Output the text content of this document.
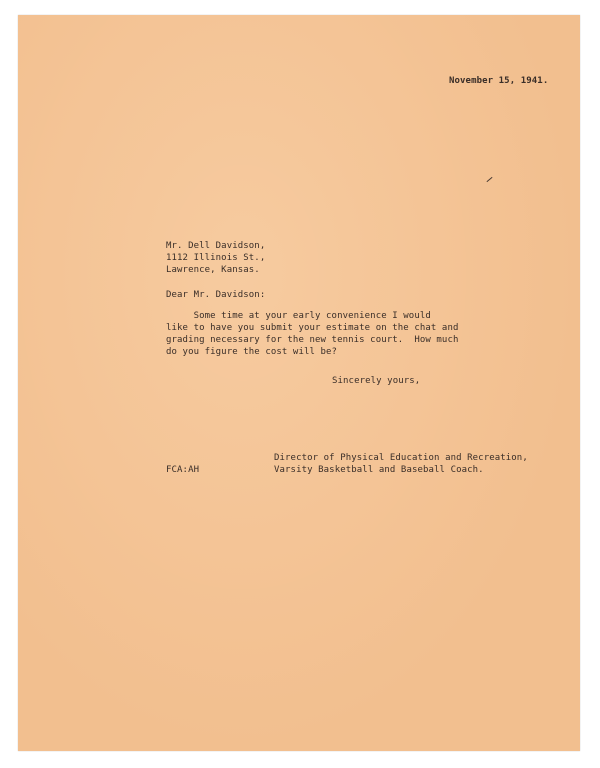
November 15, 1941.
Mr. Dell Davidson,
1112 Illinois St.,
Lawrence, Kansas.
Dear Mr. Davidson:
Some time at your early convenience I would
like to have you submit your estimate on the chat and
grading necessary for the new tennis court.  How much
do you figure the cost will be?
Sincerely yours,
Director of Physical Education and Recreation,
Varsity Basketball and Baseball Coach.
FCA:AH
